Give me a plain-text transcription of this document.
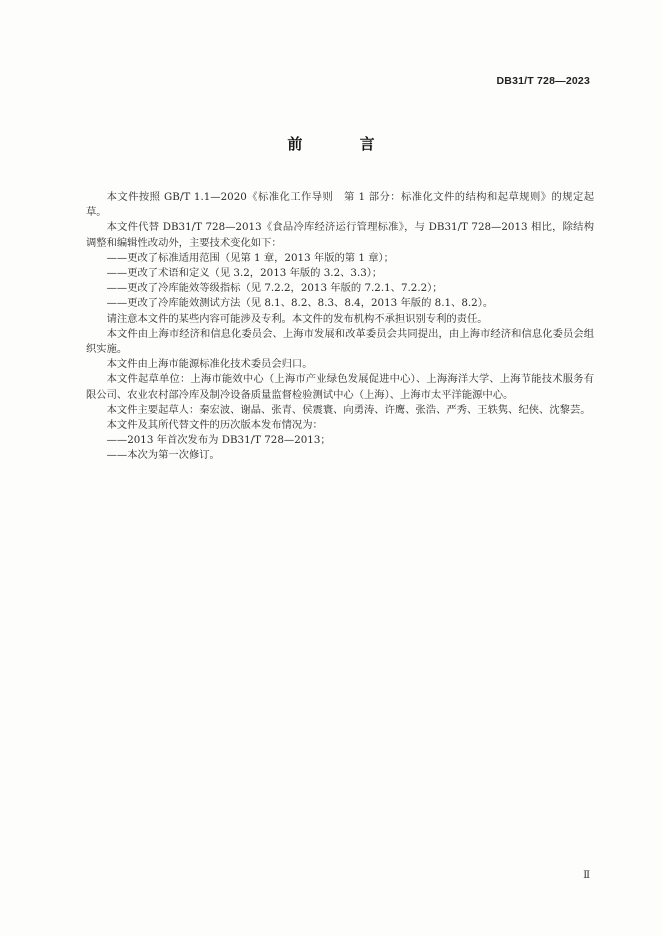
DB31/T 728—2023
前 言

本文件按照 GB/T 1.1—2020《标准化工作导则　第 1 部分：标准化文件的结构和起草规则》的规定起草。

本文件代替 DB31/T 728—2013《食品冷库经济运行管理标准》，与 DB31/T 728—2013 相比，除结构调整和编辑性改动外，主要技术变化如下：

——更改了标准适用范围（见第 1 章，2013 年版的第 1 章）；

——更改了术语和定义（见 3.2，2013 年版的 3.2、3.3）；

——更改了冷库能效等级指标（见 7.2.2，2013 年版的 7.2.1、7.2.2）；

——更改了冷库能效测试方法（见 8.1、8.2、8.3、8.4，2013 年版的 8.1、8.2）。

请注意本文件的某些内容可能涉及专利。本文件的发布机构不承担识别专利的责任。

本文件由上海市经济和信息化委员会、上海市发展和改革委员会共同提出，由上海市经济和信息化委员会组织实施。

本文件由上海市能源标准化技术委员会归口。

本文件起草单位：上海市能效中心（上海市产业绿色发展促进中心）、上海海洋大学、上海节能技术服务有限公司、农业农村部冷库及制冷设备质量监督检验测试中心（上海）、上海市太平洋能源中心。

本文件主要起草人：秦宏波、谢晶、张青、侯震寰、向勇涛、许鹰、张浩、严秀、王轶隽、纪侠、沈黎芸。

本文件及其所代替文件的历次版本发布情况为：

——2013 年首次发布为 DB31/T 728—2013；

——本次为第一次修订。

Ⅱ
